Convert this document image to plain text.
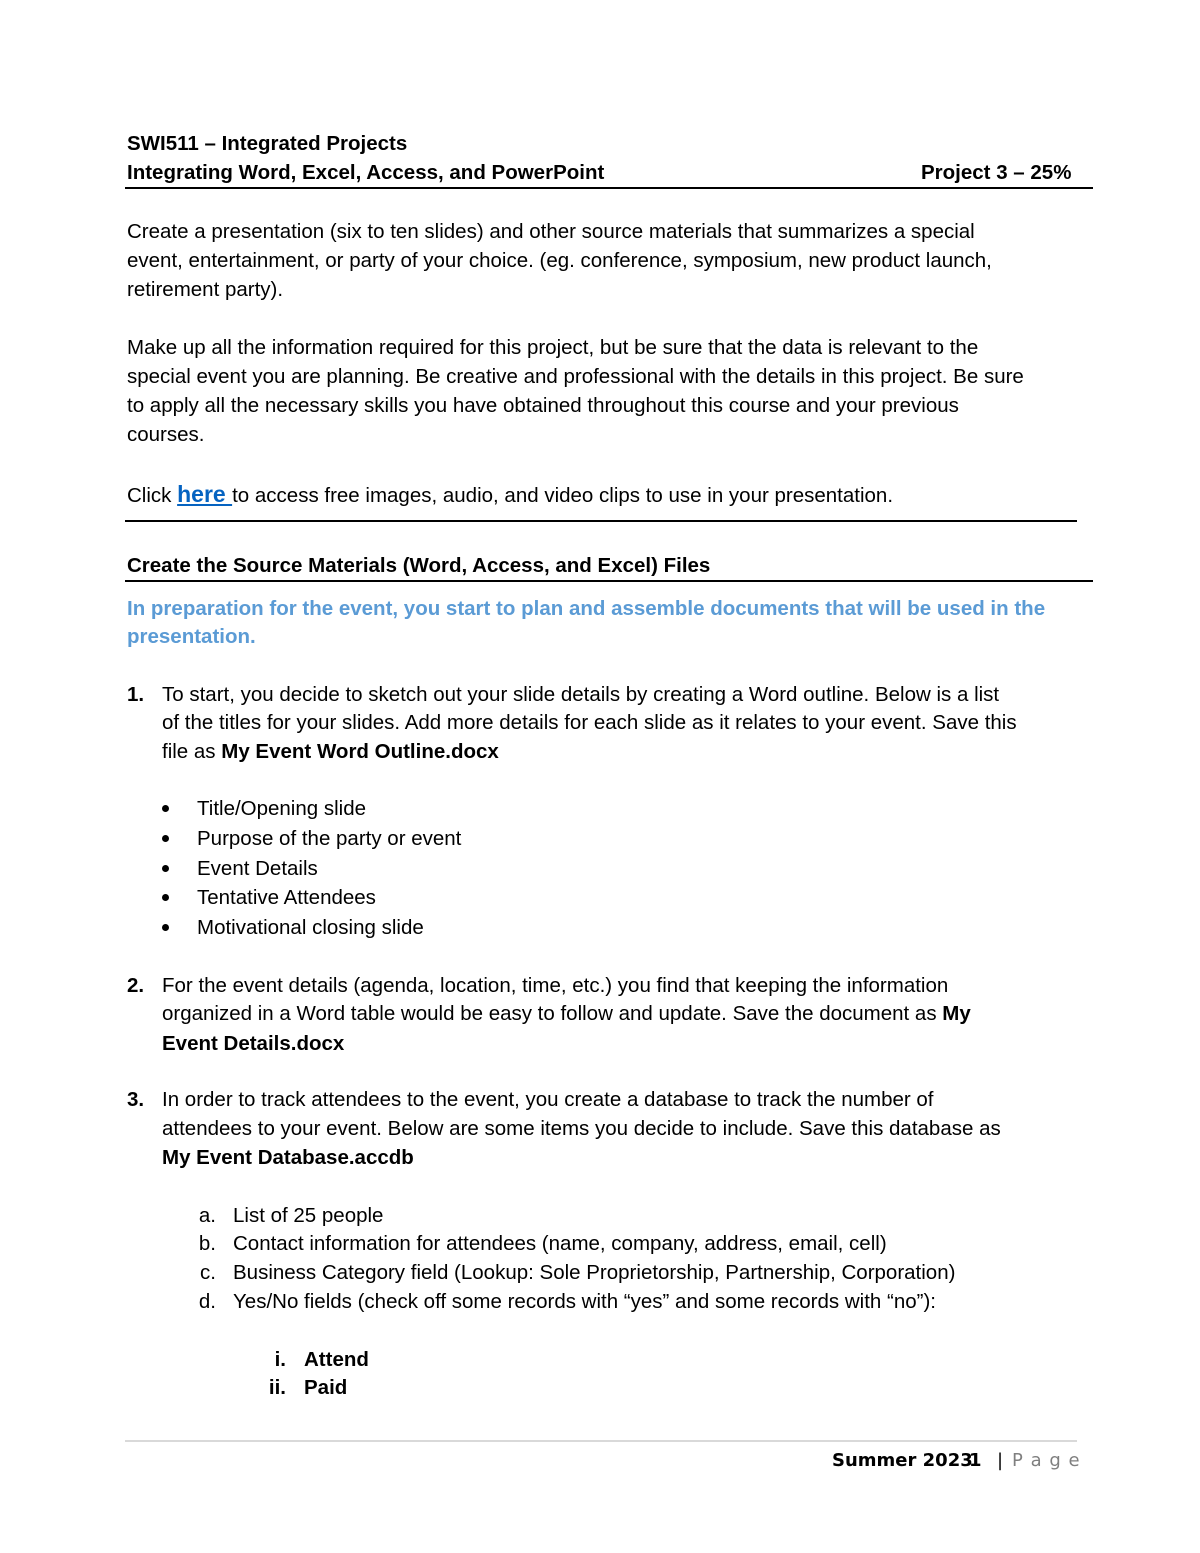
SWI511 – Integrated Projects
Integrating Word, Excel, Access, and PowerPoint	Project 3 – 25%
Create a presentation (six to ten slides) and other source materials that summarizes a special
event, entertainment, or party of your choice. (eg. conference, symposium, new product launch,
retirement party).
Make up all the information required for this project, but be sure that the data is relevant to the
special event you are planning. Be creative and professional with the details in this project. Be sure
to apply all the necessary skills you have obtained throughout this course and your previous
courses.
Click here to access free images, audio, and video clips to use in your presentation.
Create the Source Materials (Word, Access, and Excel) Files
In preparation for the event, you start to plan and assemble documents that will be used in the
presentation.
1. To start, you decide to sketch out your slide details by creating a Word outline. Below is a list
of the titles for your slides. Add more details for each slide as it relates to your event. Save this
file as My Event Word Outline.docx
Title/Opening slide
Purpose of the party or event
Event Details
Tentative Attendees
Motivational closing slide
2. For the event details (agenda, location, time, etc.) you find that keeping the information
organized in a Word table would be easy to follow and update. Save the document as My
Event Details.docx
3. In order to track attendees to the event, you create a database to track the number of
attendees to your event. Below are some items you decide to include. Save this database as
My Event Database.accdb
a. List of 25 people
b. Contact information for attendees (name, company, address, email, cell)
c. Business Category field (Lookup: Sole Proprietorship, Partnership, Corporation)
d. Yes/No fields (check off some records with “yes” and some records with “no”):
i. Attend
ii. Paid
Summer 2023
1 | P a g e
